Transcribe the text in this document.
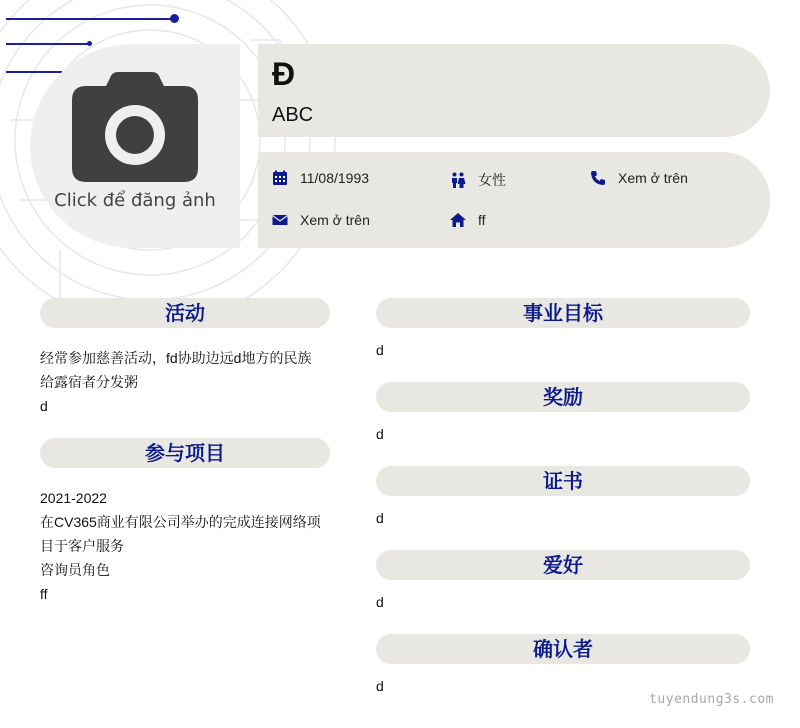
Click để đăng ảnh
Đ
ABC
11/08/1993	女性	Xem ở trên
Xem ở trên	ff
活动
经常参加慈善活动，fd协助边远d地方的民族
给露宿者分发粥
d
参与项目
2021-2022
在CV365商业有限公司举办的完成连接网络项
目于客户服务
咨询员角色
ff
事业目标
d
奖励
d
证书
d
爱好
d
确认者
d
tuyendung3s.com
